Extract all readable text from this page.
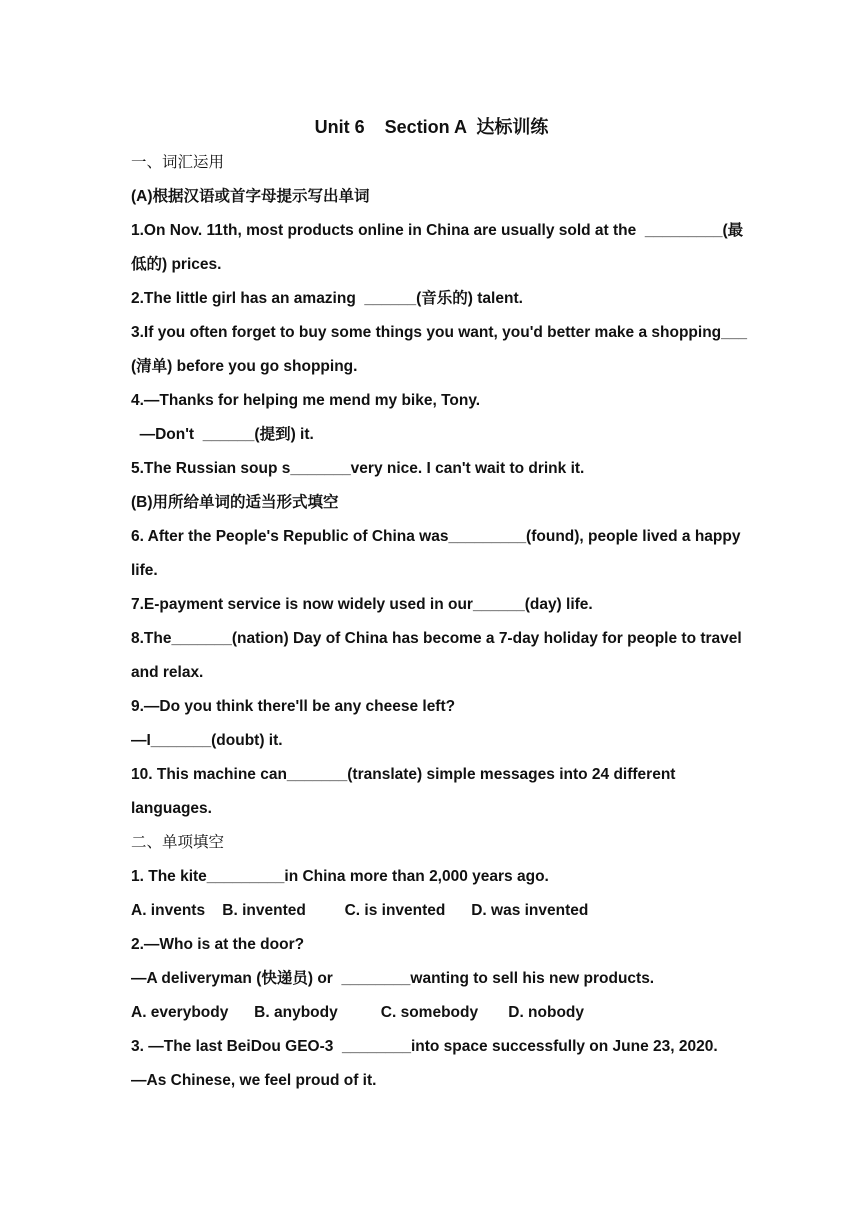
Unit 6    Section A  达标训练
一、词汇运用
(A)根据汉语或首字母提示写出单词
1.On Nov. 11th, most products online in China are usually sold at the  _________(最
低的) prices.
2.The little girl has an amazing  ______(音乐的) talent.
3.If you often forget to buy some things you want, you'd better make a shopping___
(清单) before you go shopping.
4.—Thanks for helping me mend my bike, Tony.
—Don't  ______(提到) it.
5.The Russian soup s_______very nice. I can't wait to drink it.
(B)用所给单词的适当形式填空
6. After the People's Republic of China was_________(found), people lived a happy
life.
7.E-payment service is now widely used in our______(day) life.
8.The_______(nation) Day of China has become a 7-day holiday for people to travel
and relax.
9.—Do you think there'll be any cheese left?
—I_______(doubt) it.
10. This machine can_______(translate) simple messages into 24 different
languages.
二、单项填空
1. The kite_________in China more than 2,000 years ago.
A. invents    B. invented         C. is invented      D. was invented
2.—Who is at the door?
—A deliveryman (快递员) or  ________wanting to sell his new products.
A. everybody      B. anybody          C. somebody       D. nobody
3. —The last BeiDou GEO-3  ________into space successfully on June 23, 2020.
—As Chinese, we feel proud of it.
